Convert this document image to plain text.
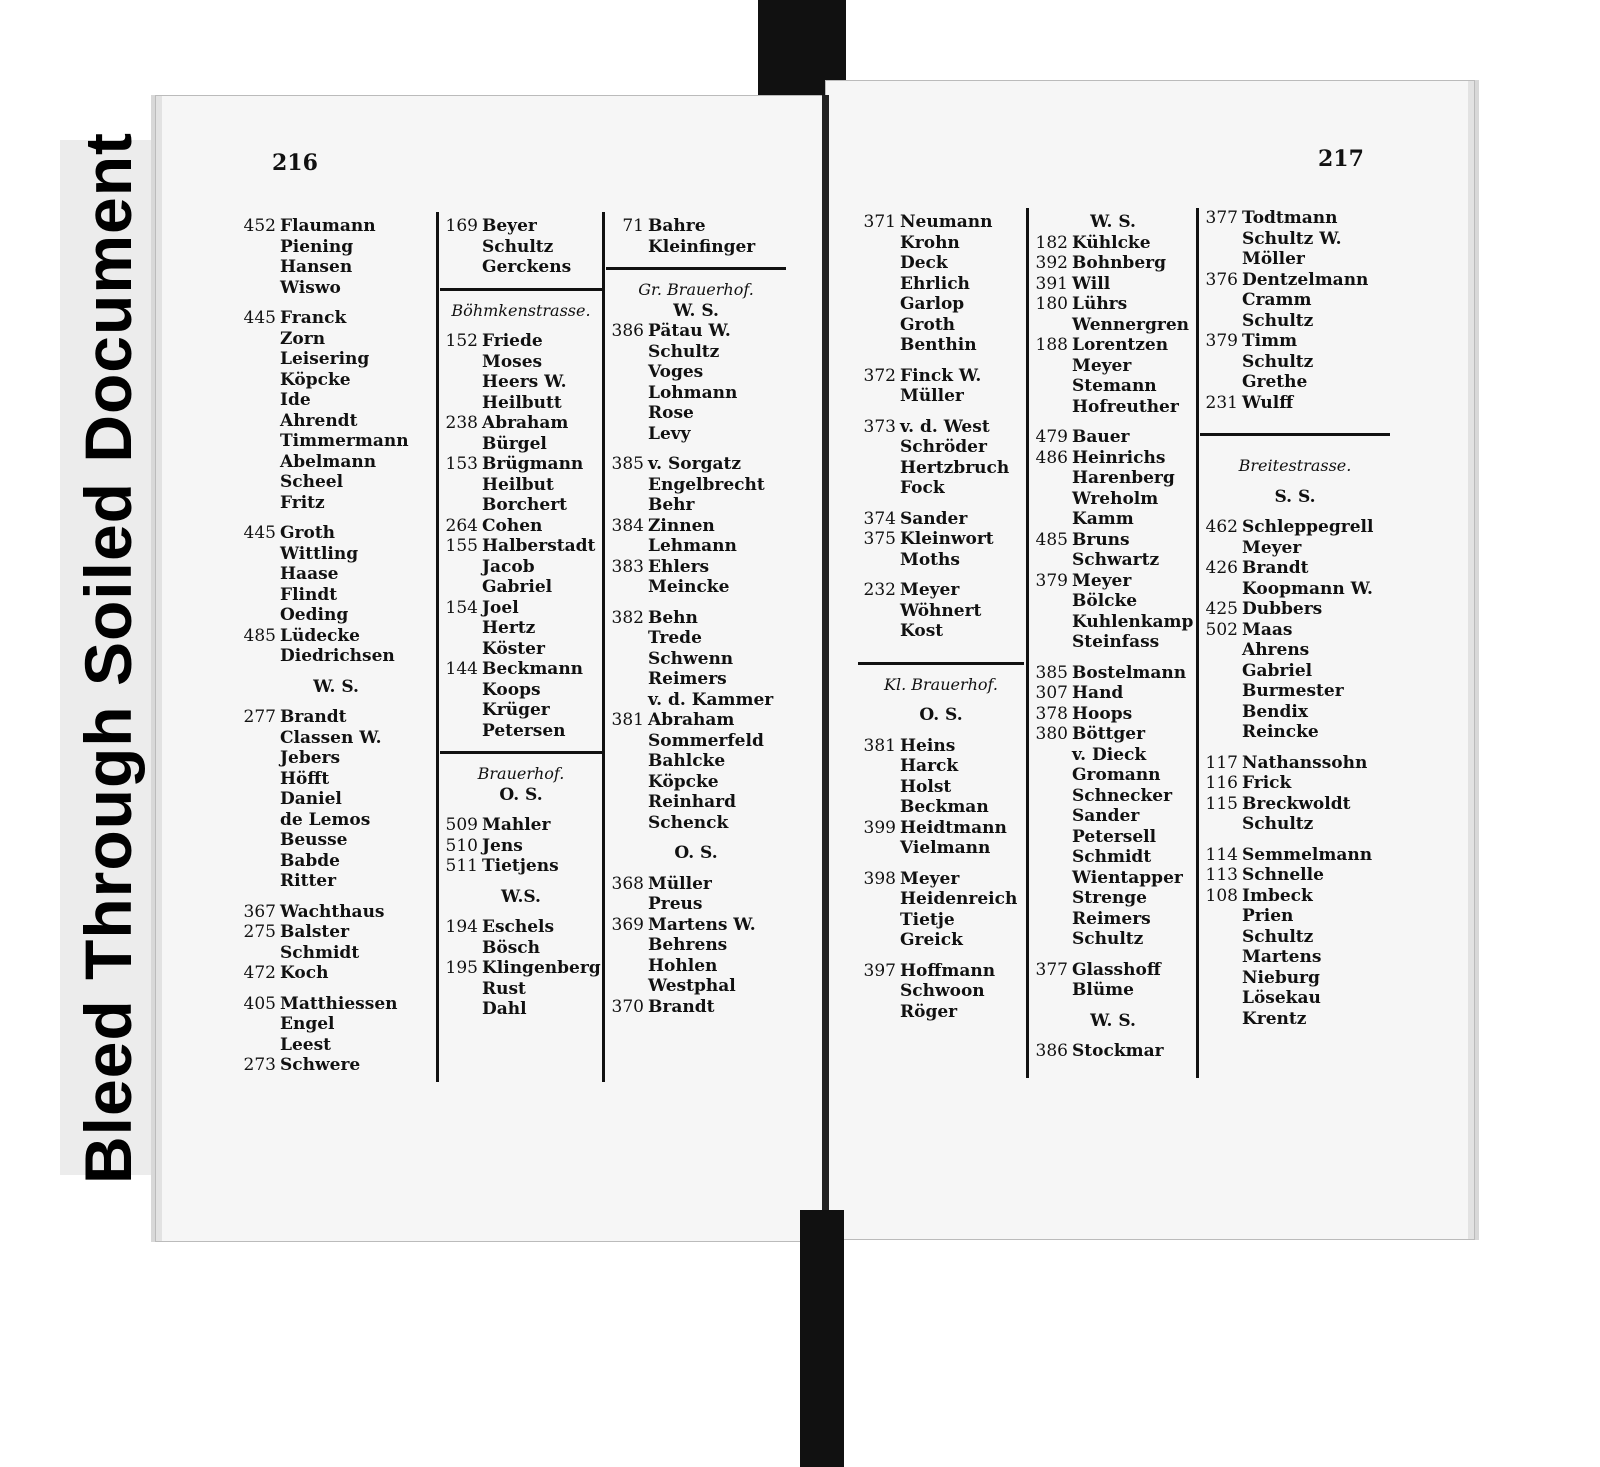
Bleed Through Soiled Document	216	217
452 Flaumann
Piening
Hansen
Wiswo
445 Franck
Zorn
Leisering
Köpcke
Ide
Ahrendt
Timmermann
Abelmann
Scheel
Fritz
445 Groth
Wittling
Haase
Flindt
Oeding
485 Lüdecke
Diedrichsen
W. S.
277 Brandt
Classen W.
Jebers
Höfft
Daniel
de Lemos
Beusse
Babde
Ritter
367 Wachthaus
275 Balster
Schmidt
472 Koch
405 Matthiessen
Engel
Leest
273 Schwere
169 Beyer
Schultz
Gerckens
Böhmkenstrasse.
152 Friede
Moses
Heers W.
Heilbutt
238 Abraham
Bürgel
153 Brügmann
Heilbut
Borchert
264 Cohen
155 Halberstadt
Jacob
Gabriel
154 Joel
Hertz
Köster
144 Beckmann
Koops
Krüger
Petersen
Brauerhof.
O. S.
509 Mahler
510 Jens
511 Tietjens
W.S.
194 Eschels
Bösch
195 Klingenberg
Rust
Dahl
71 Bahre
Kleinfinger
Gr. Brauerhof.
W. S.
386 Pätau W.
Schultz
Voges
Lohmann
Rose
Levy
385 v. Sorgatz
Engelbrecht
Behr
384 Zinnen
Lehmann
383 Ehlers
Meincke
382 Behn
Trede
Schwenn
Reimers
v. d. Kammer
381 Abraham
Sommerfeld
Bahlcke
Köpcke
Reinhard
Schenck
O. S.
368 Müller
Preus
369 Martens W.
Behrens
Hohlen
Westphal
370 Brandt
371 Neumann
Krohn
Deck
Ehrlich
Garlop
Groth
Benthin
372 Finck W.
Müller
373 v. d. West
Schröder
Hertzbruch
Fock
374 Sander
375 Kleinwort
Moths
232 Meyer
Wöhnert
Kost
Kl. Brauerhof.
O. S.
381 Heins
Harck
Holst
Beckman
399 Heidtmann
Vielmann
398 Meyer
Heidenreich
Tietje
Greick
397 Hoffmann
Schwoon
Röger
W. S.
182 Kühlcke
392 Bohnberg
391 Will
180 Lührs
Wennergren
188 Lorentzen
Meyer
Stemann
Hofreuther
479 Bauer
486 Heinrichs
Harenberg
Wreholm
Kamm
485 Bruns
Schwartz
379 Meyer
Bölcke
Kuhlenkamp
Steinfass
385 Bostelmann
307 Hand
378 Hoops
380 Böttger
v. Dieck
Gromann
Schnecker
Sander
Petersell
Schmidt
Wientapper
Strenge
Reimers
Schultz
377 Glasshoff
Blüme
W. S.
386 Stockmar
377 Todtmann
Schultz W.
Möller
376 Dentzelmann
Cramm
Schultz
379 Timm
Schultz
Grethe
231 Wulff
Breitestrasse.
S. S.
462 Schleppegrell
Meyer
426 Brandt
Koopmann W.
425 Dubbers
502 Maas
Ahrens
Gabriel
Burmester
Bendix
Reincke
117 Nathanssohn
116 Frick
115 Breckwoldt
Schultz
114 Semmelmann
113 Schnelle
108 Imbeck
Prien
Schultz
Martens
Nieburg
Lösekau
Krentz
